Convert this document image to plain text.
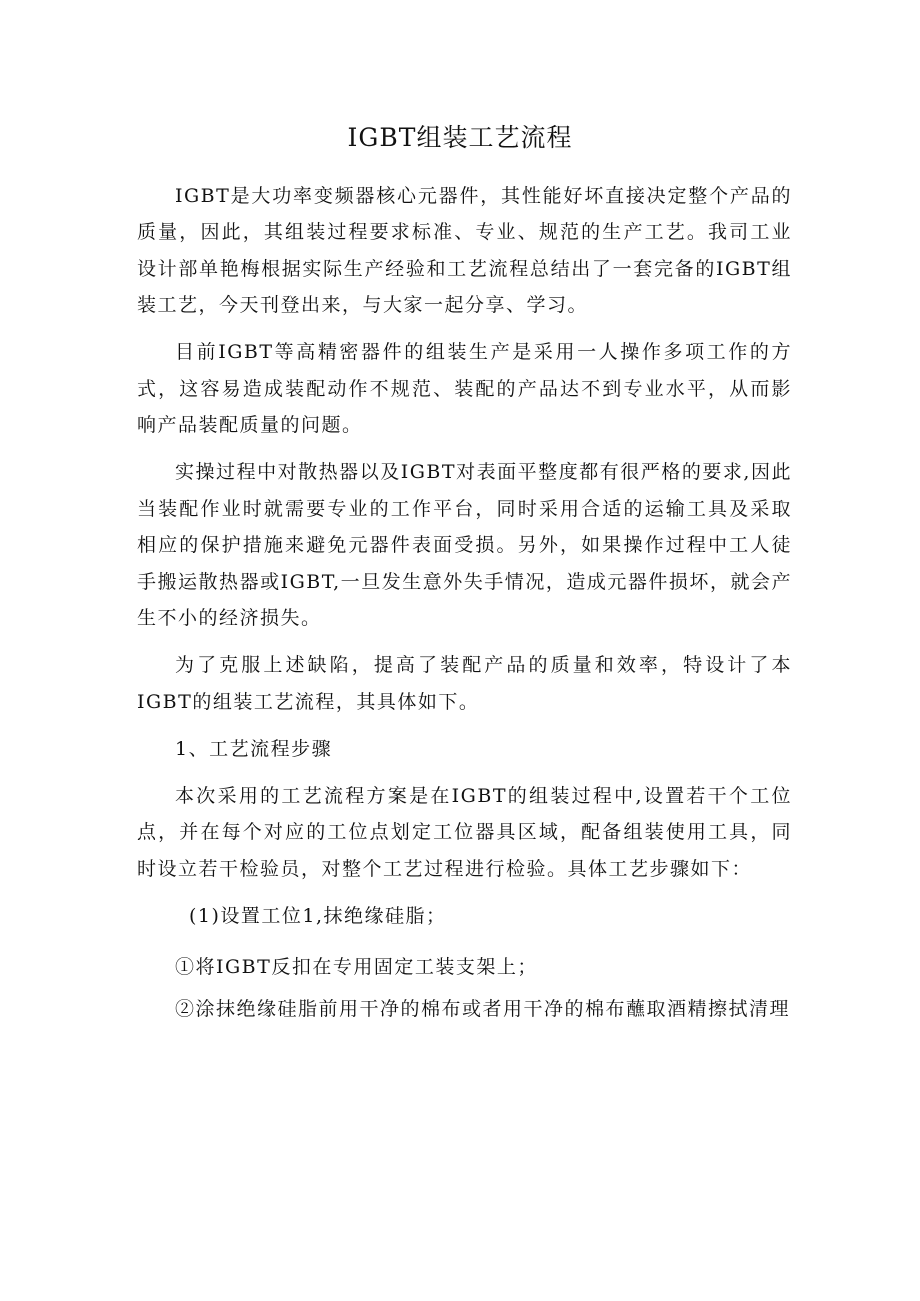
IGBT组装工艺流程

IGBT是大功率变频器核心元器件，其性能好坏直接决定整个产品的质量，因此，其组装过程要求标准、专业、规范的生产工艺。我司工业设计部单艳梅根据实际生产经验和工艺流程总结出了一套完备的IGBT组装工艺，今天刊登出来，与大家一起分享、学习。

目前IGBT等高精密器件的组装生产是采用一人操作多项工作的方式，这容易造成装配动作不规范、装配的产品达不到专业水平，从而影响产品装配质量的问题。

实操过程中对散热器以及IGBT对表面平整度都有很严格的要求,因此当装配作业时就需要专业的工作平台，同时采用合适的运输工具及采取相应的保护措施来避免元器件表面受损。另外，如果操作过程中工人徒手搬运散热器或IGBT,一旦发生意外失手情况，造成元器件损坏，就会产生不小的经济损失。

为了克服上述缺陷，提高了装配产品的质量和效率，特设计了本IGBT的组装工艺流程，其具体如下。

1、工艺流程步骤

本次采用的工艺流程方案是在IGBT的组装过程中,设置若干个工位点，并在每个对应的工位点划定工位器具区域，配备组装使用工具，同时设立若干检验员，对整个工艺过程进行检验。具体工艺步骤如下：

(1)设置工位1,抹绝缘硅脂；

①将IGBT反扣在专用固定工装支架上；

②涂抹绝缘硅脂前用干净的棉布或者用干净的棉布蘸取酒精擦拭清理
